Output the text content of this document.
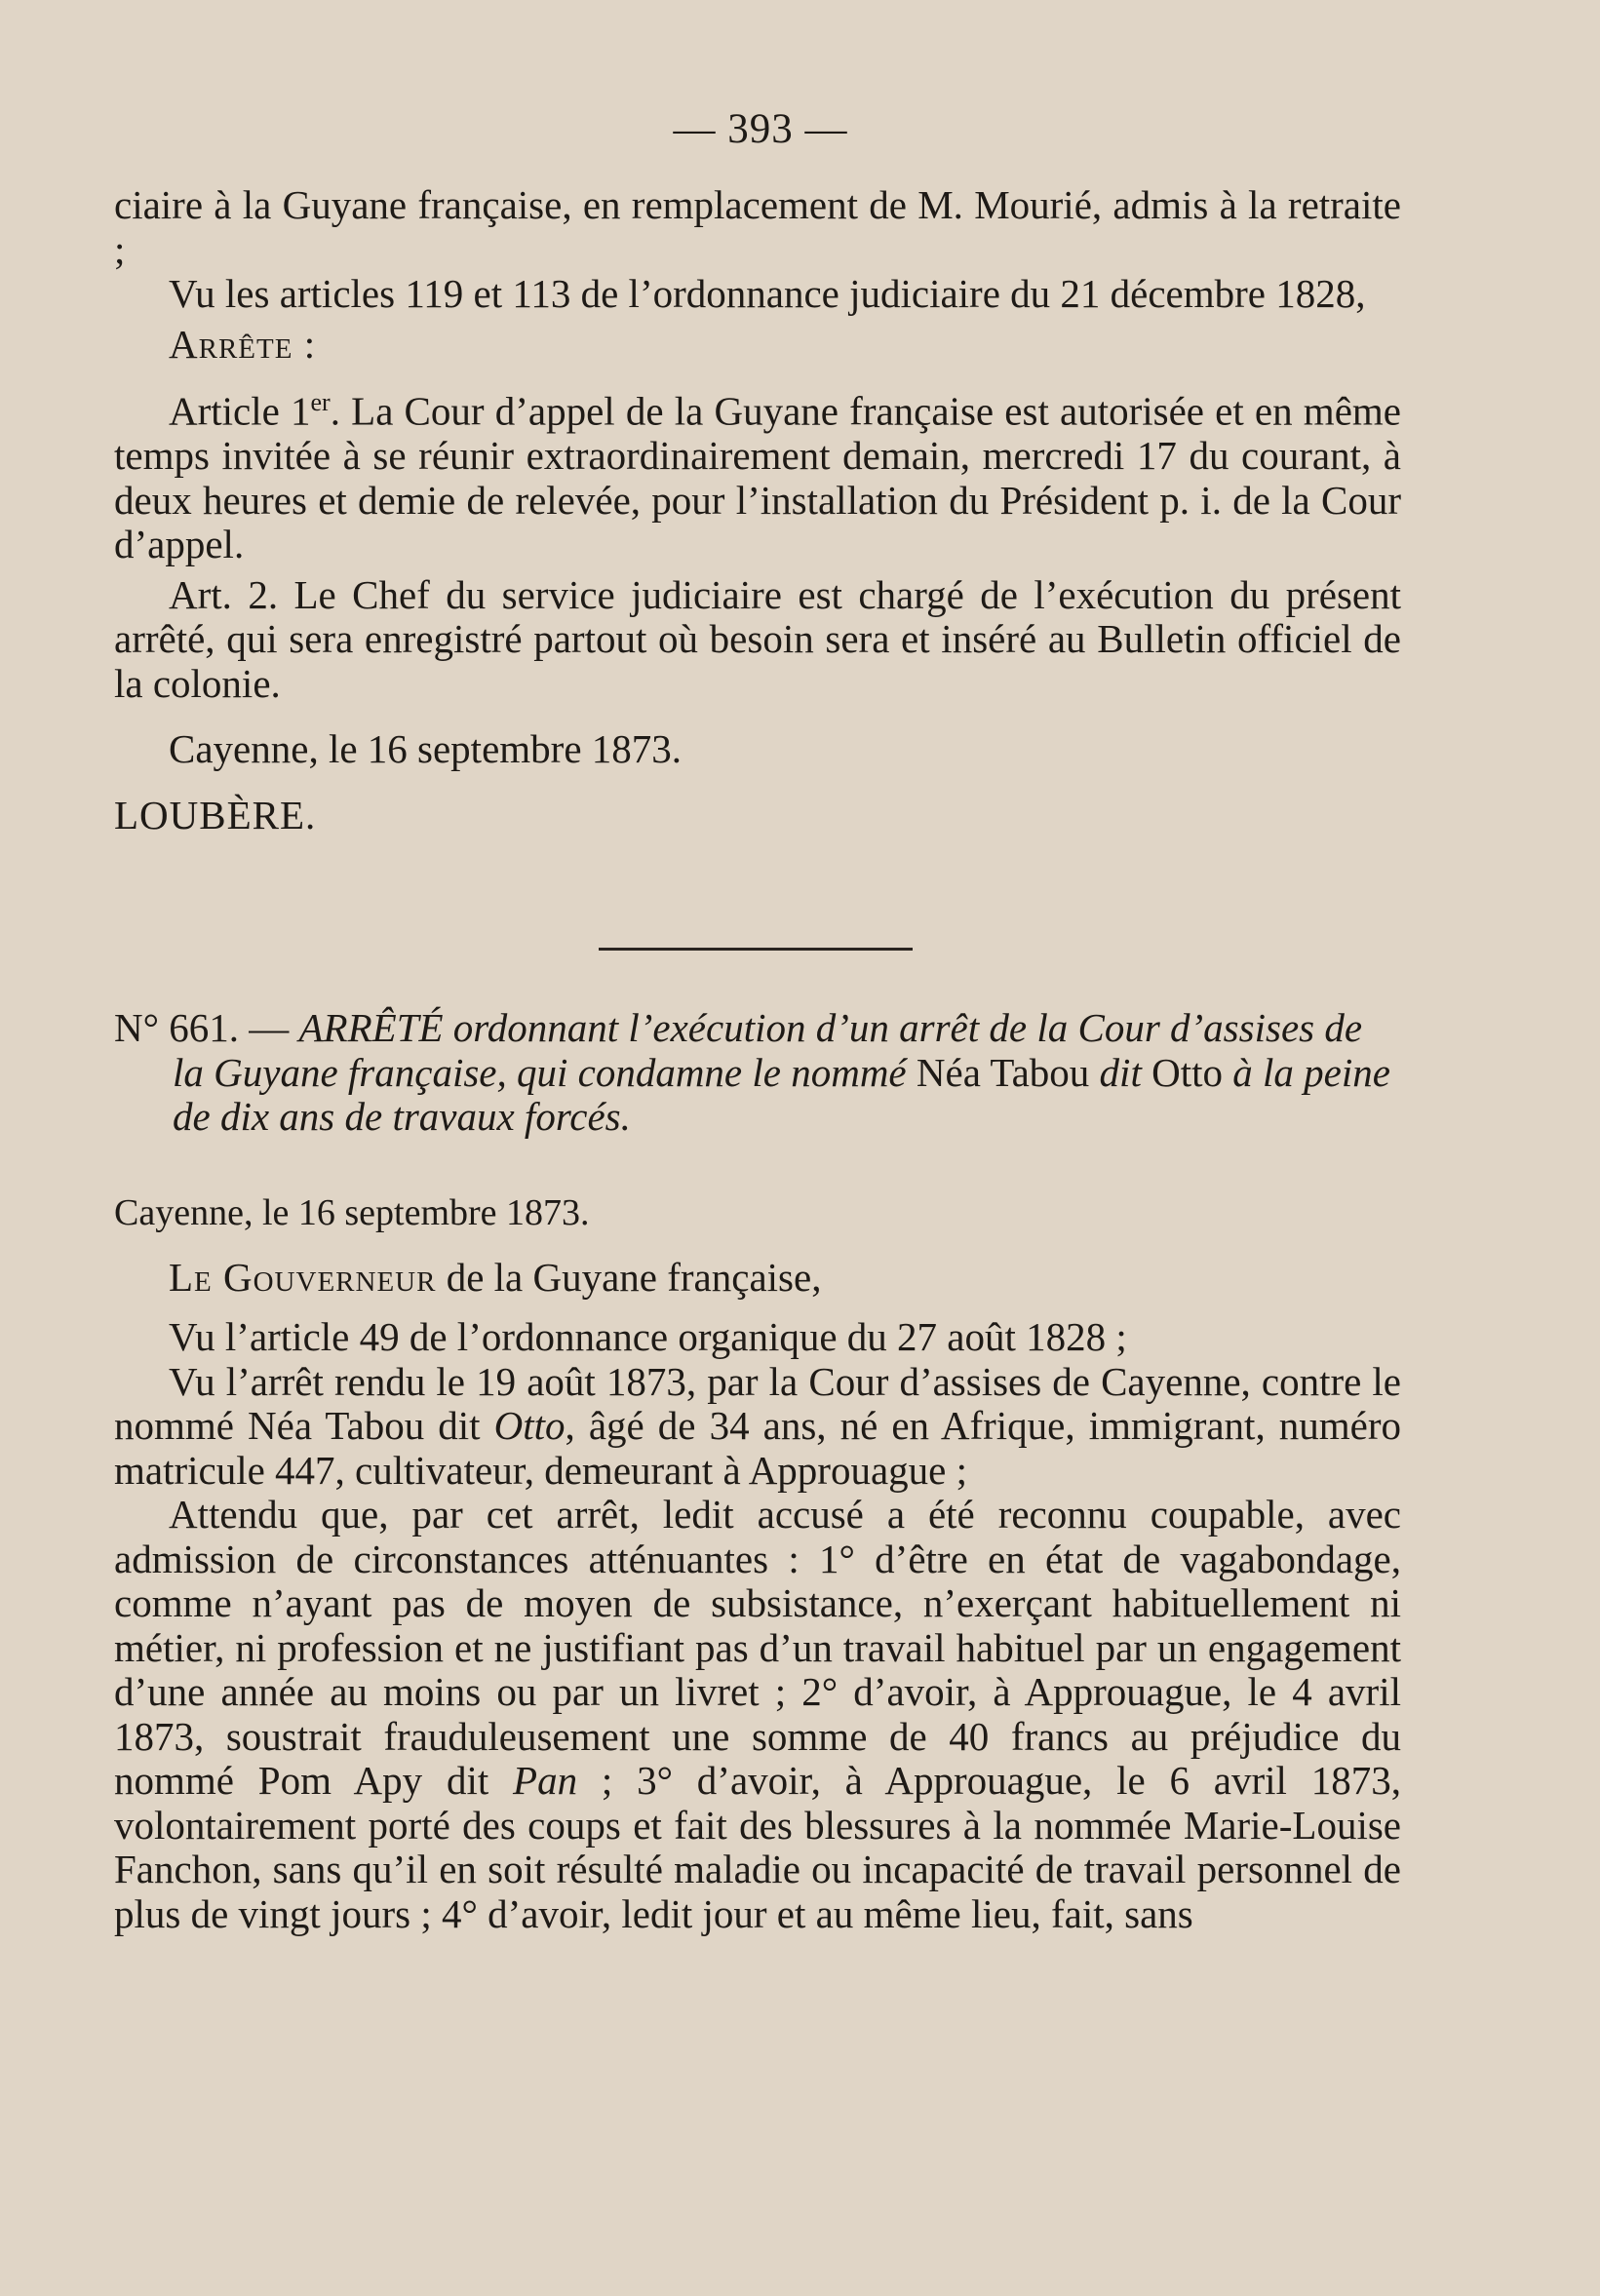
— 393 —

ciaire à la Guyane française, en remplacement de M. Mourié, admis à la retraite ;

Vu les articles 119 et 113 de l’ordonnance judiciaire du 21 décembre 1828,

Arrête :

Article 1er. La Cour d’appel de la Guyane française est autorisée et en même temps invitée à se réunir extraordinairement demain, mercredi 17 du courant, à deux heures et demie de relevée, pour l’installation du Président p. i. de la Cour d’appel.

Art. 2. Le Chef du service judiciaire est chargé de l’exécution du présent arrêté, qui sera enregistré partout où besoin sera et inséré au Bulletin officiel de la colonie.

Cayenne, le 16 septembre 1873.

LOUBÈRE.

N° 661. — ARRÊTÉ ordonnant l’exécution d’un arrêt de la Cour d’assises de la Guyane française, qui condamne le nommé Néa Tabou dit Otto à la peine de dix ans de travaux forcés.

Cayenne, le 16 septembre 1873.

Le Gouverneur de la Guyane française,

Vu l’article 49 de l’ordonnance organique du 27 août 1828 ;

Vu l’arrêt rendu le 19 août 1873, par la Cour d’assises de Cayenne, contre le nommé Néa Tabou dit Otto, âgé de 34 ans, né en Afrique, immigrant, numéro matricule 447, cultivateur, demeurant à Approuague ;

Attendu que, par cet arrêt, ledit accusé a été reconnu coupable, avec admission de circonstances atténuantes : 1° d’être en état de vagabondage, comme n’ayant pas de moyen de subsistance, n’exerçant habituellement ni métier, ni profession et ne justifiant pas d’un travail habituel par un engagement d’une année au moins ou par un livret ; 2° d’avoir, à Approuague, le 4 avril 1873, soustrait frauduleusement une somme de 40 francs au préjudice du nommé Pom Apy dit Pan ; 3° d’avoir, à Approuague, le 6 avril 1873, volontairement porté des coups et fait des blessures à la nommée Marie-Louise Fanchon, sans qu’il en soit résulté maladie ou incapacité de travail personnel de plus de vingt jours ; 4° d’avoir, ledit jour et au même lieu, fait, sans
